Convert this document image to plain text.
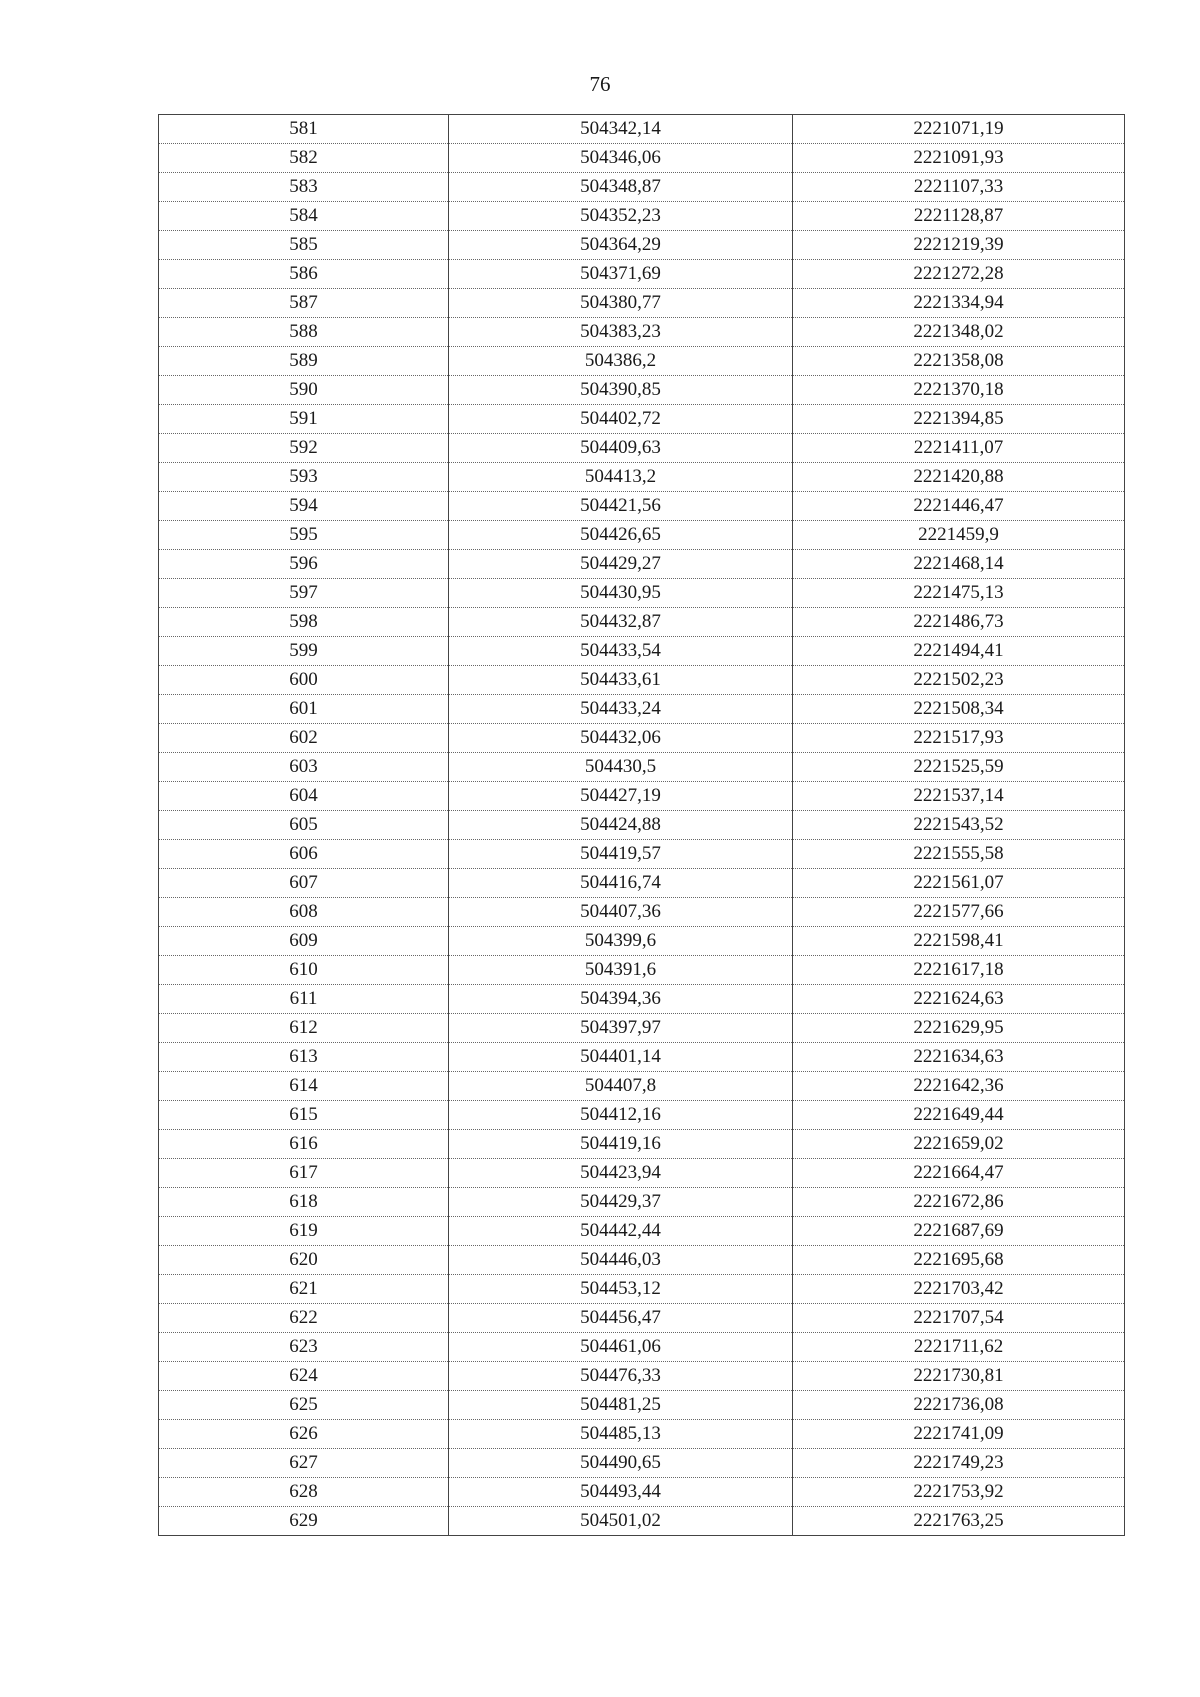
76
581	504342,14	2221071,19
582	504346,06	2221091,93
583	504348,87	2221107,33
584	504352,23	2221128,87
585	504364,29	2221219,39
586	504371,69	2221272,28
587	504380,77	2221334,94
588	504383,23	2221348,02
589	504386,2	2221358,08
590	504390,85	2221370,18
591	504402,72	2221394,85
592	504409,63	2221411,07
593	504413,2	2221420,88
594	504421,56	2221446,47
595	504426,65	2221459,9
596	504429,27	2221468,14
597	504430,95	2221475,13
598	504432,87	2221486,73
599	504433,54	2221494,41
600	504433,61	2221502,23
601	504433,24	2221508,34
602	504432,06	2221517,93
603	504430,5	2221525,59
604	504427,19	2221537,14
605	504424,88	2221543,52
606	504419,57	2221555,58
607	504416,74	2221561,07
608	504407,36	2221577,66
609	504399,6	2221598,41
610	504391,6	2221617,18
611	504394,36	2221624,63
612	504397,97	2221629,95
613	504401,14	2221634,63
614	504407,8	2221642,36
615	504412,16	2221649,44
616	504419,16	2221659,02
617	504423,94	2221664,47
618	504429,37	2221672,86
619	504442,44	2221687,69
620	504446,03	2221695,68
621	504453,12	2221703,42
622	504456,47	2221707,54
623	504461,06	2221711,62
624	504476,33	2221730,81
625	504481,25	2221736,08
626	504485,13	2221741,09
627	504490,65	2221749,23
628	504493,44	2221753,92
629	504501,02	2221763,25
